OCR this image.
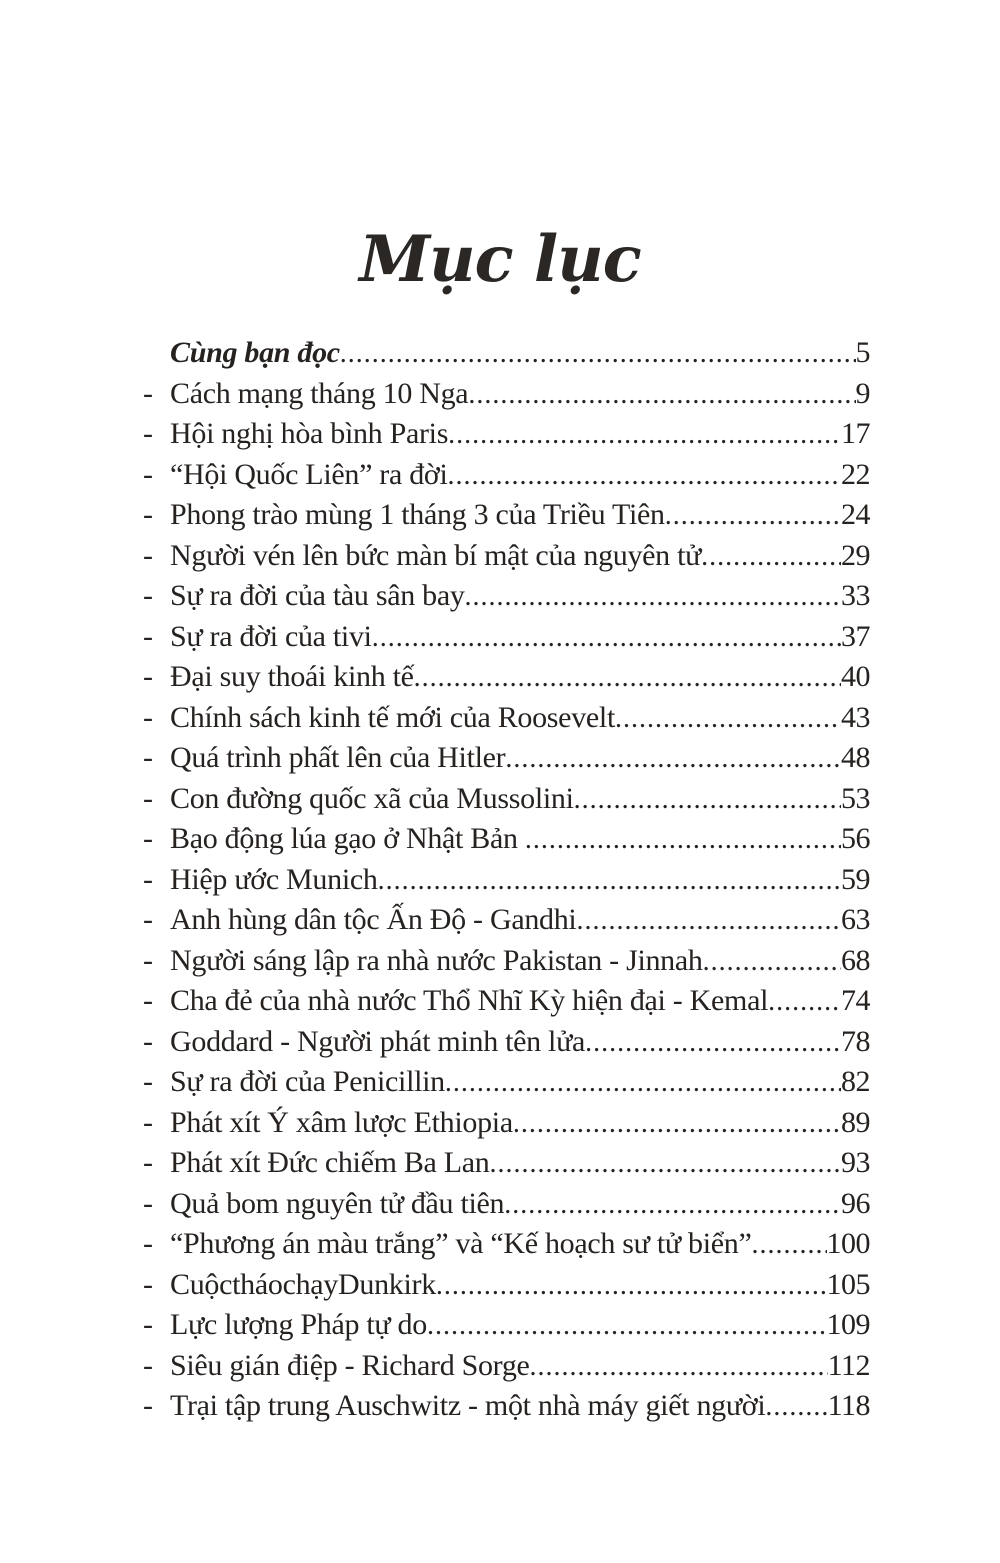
Mục lục
Cùng bạn đọc .....	5
- Cách mạng tháng 10 Nga .....	9
- Hội nghị hòa bình Paris .....	17
- “Hội Quốc Liên” ra đời .....	22
- Phong trào mùng 1 tháng 3 của Triều Tiên .....	24
- Người vén lên bức màn bí mật của nguyên tử .....	29
- Sự ra đời của tàu sân bay .....	33
- Sự ra đời của tivi .....	37
- Đại suy thoái kinh tế .....	40
- Chính sách kinh tế mới của Roosevelt .....	43
- Quá trình phất lên của Hitler .....	48
- Con đường quốc xã của Mussolini .....	53
- Bạo động lúa gạo ở Nhật Bản .....	56
- Hiệp ước Munich .....	59
- Anh hùng dân tộc Ấn Độ - Gandhi .....	63
- Người sáng lập ra nhà nước Pakistan - Jinnah .....	68
- Cha đẻ của nhà nước Thổ Nhĩ Kỳ hiện đại - Kemal ..... 74
- Goddard - Người phát minh tên lửa .....	78
- Sự ra đời của Penicillin .....	82
- Phát xít Ý xâm lược Ethiopia .....	89
- Phát xít Đức chiếm Ba Lan .....	93
- Quả bom nguyên tử đầu tiên .....	96
- “Phương án màu trắng” và “Kế hoạch sư tử biển” .....	100
- CuộctháochạyDunkirk .....	105
- Lực lượng Pháp tự do .....	109
- Siêu gián điệp - Richard Sorge .....	112
- Trại tập trung Auschwitz - một nhà máy giết người ..... 118
